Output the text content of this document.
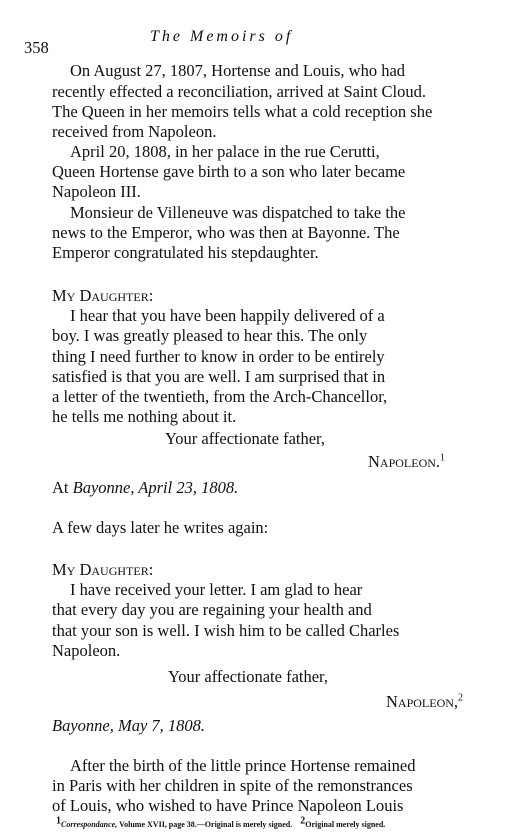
358
The Memoirs of
On August 27, 1807, Hortense and Louis, who had
recently effected a reconciliation, arrived at Saint Cloud.
The Queen in her memoirs tells what a cold reception she
received from Napoleon.
April 20, 1808, in her palace in the rue Cerutti,
Queen Hortense gave birth to a son who later became
Napoleon III.
Monsieur de Villeneuve was dispatched to take the
news to the Emperor, who was then at Bayonne. The
Emperor congratulated his stepdaughter.
My Daughter:
I hear that you have been happily delivered of a
boy. I was greatly pleased to hear this. The only
thing I need further to know in order to be entirely
satisfied is that you are well. I am surprised that in
a letter of the twentieth, from the Arch-Chancellor,
he tells me nothing about it.
Your affectionate father,
Napoleon.$^1$
At Bayonne, April 23, 1808.
A few days later he writes again:
My Daughter:
I have received your letter. I am glad to hear
that every day you are regaining your health and
that your son is well. I wish him to be called Charles
Napoleon.
Your affectionate father,
Napoleon,$^2$
Bayonne, May 7, 1808.
After the birth of the little prince Hortense remained
in Paris with her children in spite of the remonstrances
of Louis, who wished to have Prince Napoleon Louis
$^1$Correspondance, Volume XVII, page 38.—Original is merely signed. $^2$Original merely signed.
